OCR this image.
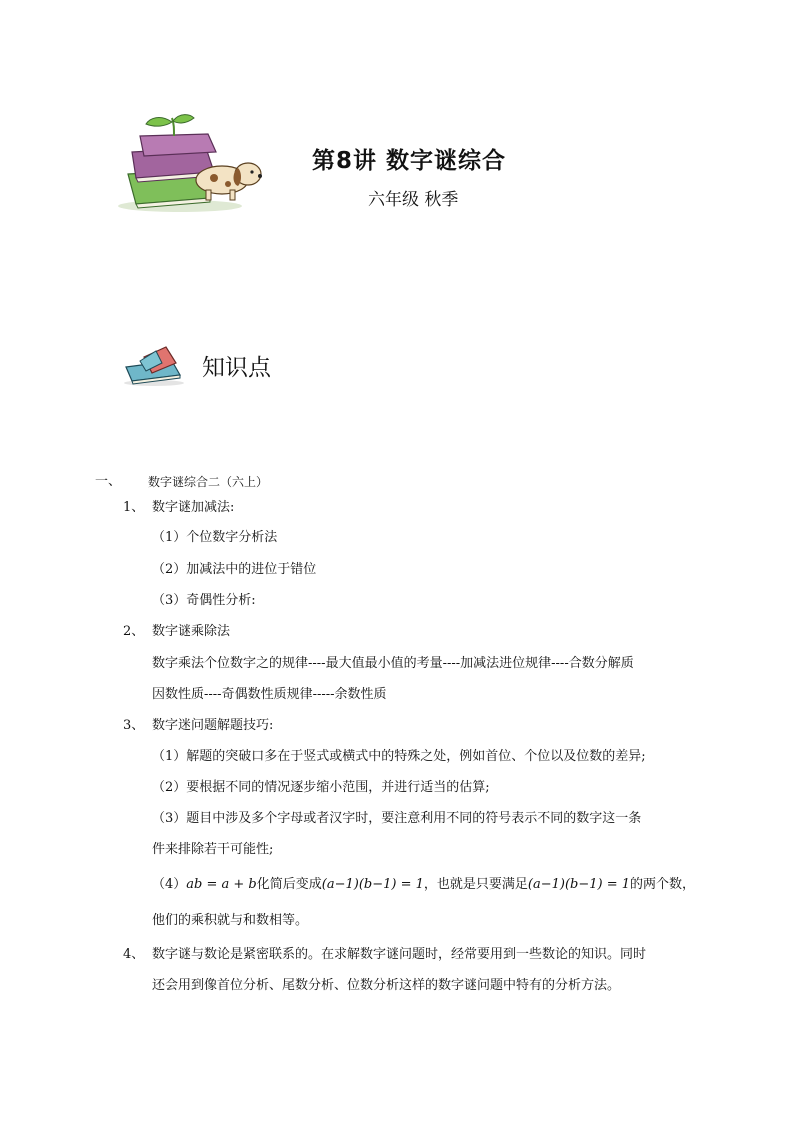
第8讲 数字谜综合
六年级 秋季
知识点
一、 数字谜综合二（六上）
1、 数字谜加减法:
（1）个位数字分析法
（2）加减法中的进位于错位
（3）奇偶性分析:
2、 数字谜乘除法
数字乘法个位数字之的规律----最大值最小值的考量----加减法进位规律----合数分解质
因数性质----奇偶数性质规律-----余数性质
3、 数字迷问题解题技巧:
（1）解题的突破口多在于竖式或横式中的特殊之处，例如首位、个位以及位数的差异;
（2）要根据不同的情况逐步缩小范围，并进行适当的估算;
（3）题目中涉及多个字母或者汉字时，要注意利用不同的符号表示不同的数字这一条
件来排除若干可能性;
（4）ab = a + b化简后变成(a−1)(b−1) = 1，也就是只要满足(a−1)(b−1) = 1的两个数，
他们的乘积就与和数相等。
4、 数字谜与数论是紧密联系的。在求解数字谜问题时，经常要用到一些数论的知识。同时
还会用到像首位分析、尾数分析、位数分析这样的数字谜问题中特有的分析方法。
